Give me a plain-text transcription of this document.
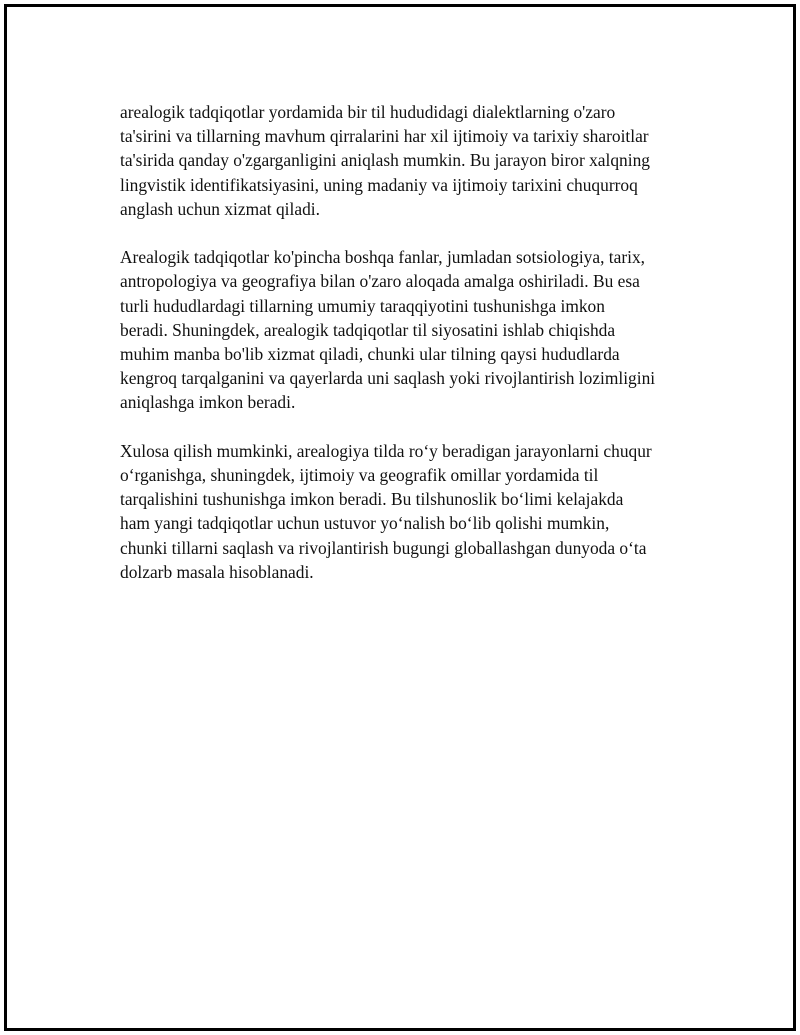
arealogik tadqiqotlar yordamida bir til hududidagi dialektlarning o'zaro
ta'sirini va tillarning mavhum qirralarini har xil ijtimoiy va tarixiy sharoitlar
ta'sirida qanday o'zgarganligini aniqlash mumkin. Bu jarayon biror xalqning
lingvistik identifikatsiyasini, uning madaniy va ijtimoiy tarixini chuqurroq
anglash uchun xizmat qiladi.

Arealogik tadqiqotlar ko'pincha boshqa fanlar, jumladan sotsiologiya, tarix,
antropologiya va geografiya bilan o'zaro aloqada amalga oshiriladi. Bu esa
turli hududlardagi tillarning umumiy taraqqiyotini tushunishga imkon
beradi. Shuningdek, arealogik tadqiqotlar til siyosatini ishlab chiqishda
muhim manba bo'lib xizmat qiladi, chunki ular tilning qaysi hududlarda
kengroq tarqalganini va qayerlarda uni saqlash yoki rivojlantirish lozimligini
aniqlashga imkon beradi.

Xulosa qilish mumkinki, arealogiya tilda ro‘y beradigan jarayonlarni chuqur
o‘rganishga, shuningdek, ijtimoiy va geografik omillar yordamida til
tarqalishini tushunishga imkon beradi. Bu tilshunoslik bo‘limi kelajakda
ham yangi tadqiqotlar uchun ustuvor yo‘nalish bo‘lib qolishi mumkin,
chunki tillarni saqlash va rivojlantirish bugungi globallashgan dunyoda o‘ta
dolzarb masala hisoblanadi.
